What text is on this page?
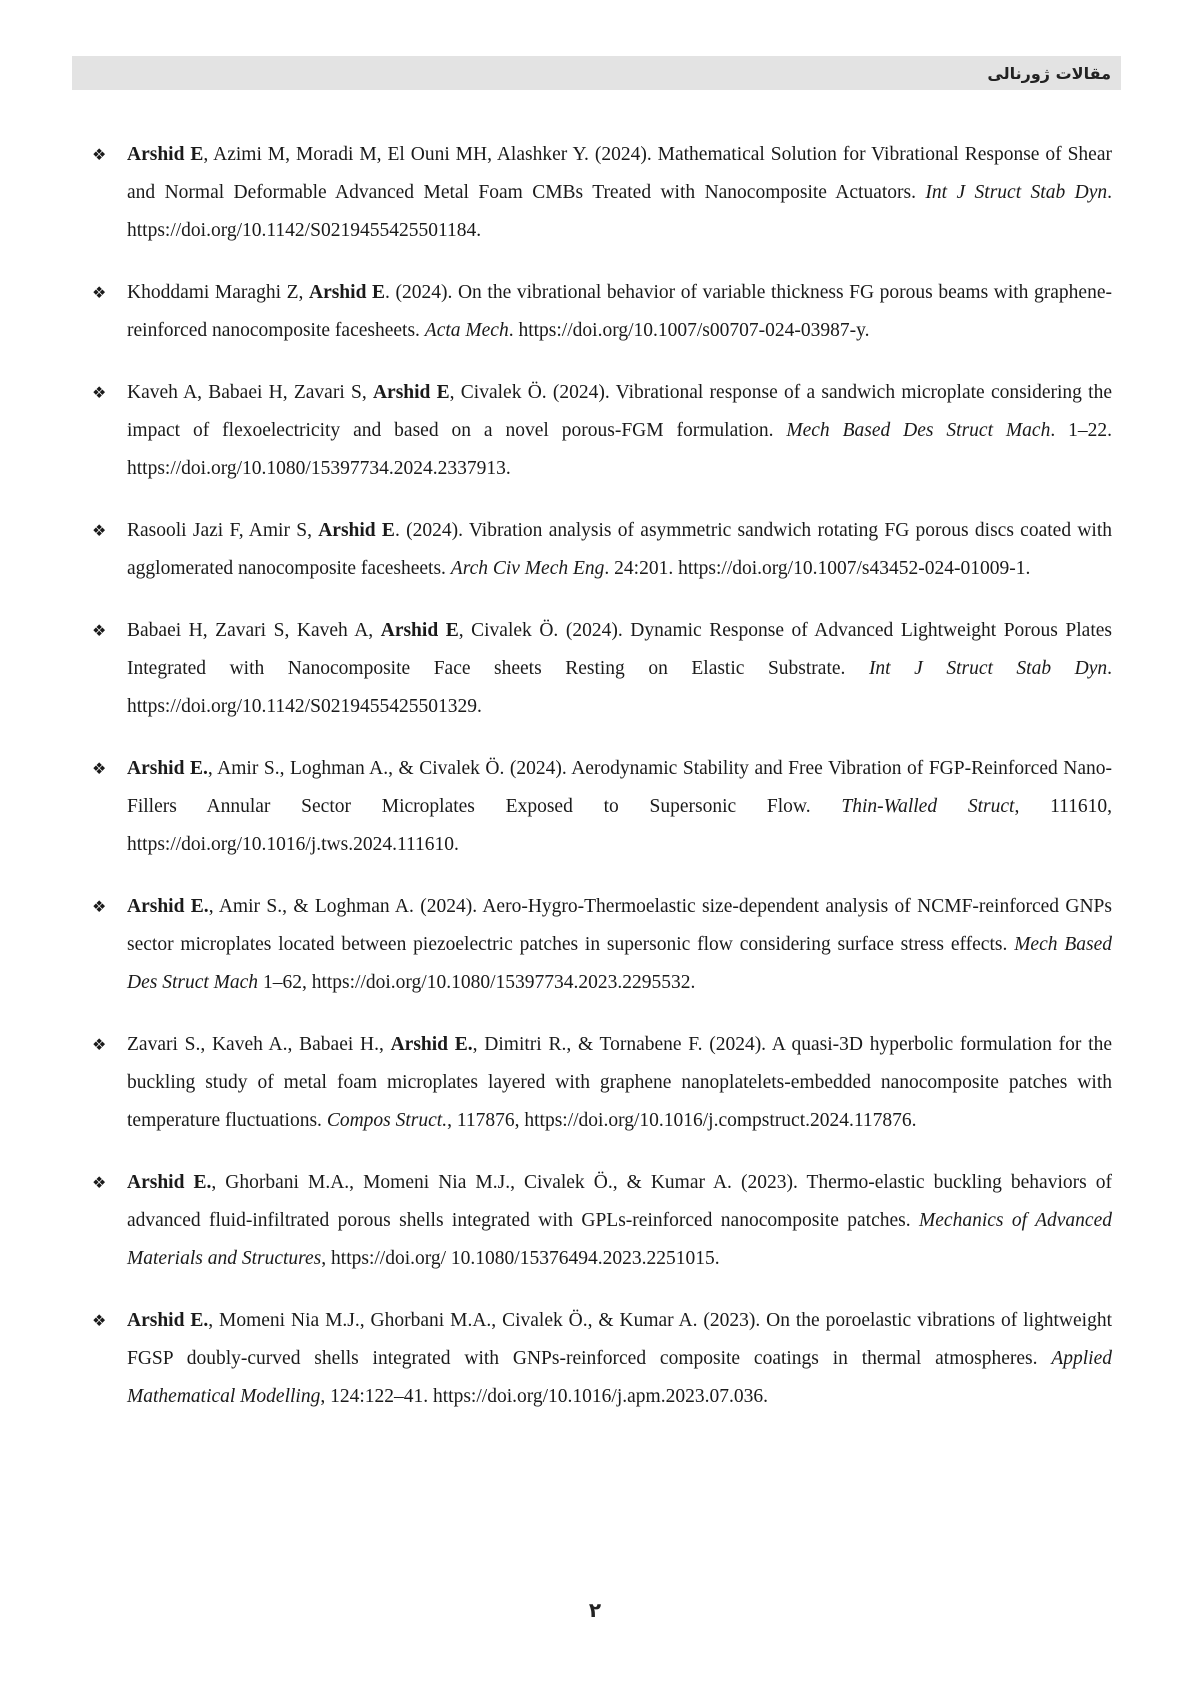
مقالات ژورنالی
❖ Arshid E, Azimi M, Moradi M, El Ouni MH, Alashker Y. (2024). Mathematical Solution for Vibrational Response of Shear and Normal Deformable Advanced Metal Foam CMBs Treated with Nanocomposite Actuators. Int J Struct Stab Dyn. https://doi.org/10.1142/S0219455425501184.
❖ Khoddami Maraghi Z, Arshid E. (2024). On the vibrational behavior of variable thickness FG porous beams with graphene-reinforced nanocomposite facesheets. Acta Mech. https://doi.org/10.1007/s00707-024-03987-y.
❖ Kaveh A, Babaei H, Zavari S, Arshid E, Civalek Ö. (2024). Vibrational response of a sandwich microplate considering the impact of flexoelectricity and based on a novel porous-FGM formulation. Mech Based Des Struct Mach. 1–22. https://doi.org/10.1080/15397734.2024.2337913.
❖ Rasooli Jazi F, Amir S, Arshid E. (2024). Vibration analysis of asymmetric sandwich rotating FG porous discs coated with agglomerated nanocomposite facesheets. Arch Civ Mech Eng. 24:201. https://doi.org/10.1007/s43452-024-01009-1.
❖ Babaei H, Zavari S, Kaveh A, Arshid E, Civalek Ö. (2024). Dynamic Response of Advanced Lightweight Porous Plates Integrated with Nanocomposite Face sheets Resting on Elastic Substrate. Int J Struct Stab Dyn. https://doi.org/10.1142/S0219455425501329.
❖ Arshid E., Amir S., Loghman A., & Civalek Ö. (2024). Aerodynamic Stability and Free Vibration of FGP-Reinforced Nano-Fillers Annular Sector Microplates Exposed to Supersonic Flow. Thin-Walled Struct, 111610, https://doi.org/10.1016/j.tws.2024.111610.
❖ Arshid E., Amir S., & Loghman A. (2024). Aero-Hygro-Thermoelastic size-dependent analysis of NCMF-reinforced GNPs sector microplates located between piezoelectric patches in supersonic flow considering surface stress effects. Mech Based Des Struct Mach 1–62, https://doi.org/10.1080/15397734.2023.2295532.
❖ Zavari S., Kaveh A., Babaei H., Arshid E., Dimitri R., & Tornabene F. (2024). A quasi-3D hyperbolic formulation for the buckling study of metal foam microplates layered with graphene nanoplatelets-embedded nanocomposite patches with temperature fluctuations. Compos Struct., 117876, https://doi.org/10.1016/j.compstruct.2024.117876.
❖ Arshid E., Ghorbani M.A., Momeni Nia M.J., Civalek Ö., & Kumar A. (2023). Thermo-elastic buckling behaviors of advanced fluid-infiltrated porous shells integrated with GPLs-reinforced nanocomposite patches. Mechanics of Advanced Materials and Structures, https://doi.org/ 10.1080/15376494.2023.2251015.
❖ Arshid E., Momeni Nia M.J., Ghorbani M.A., Civalek Ö., & Kumar A. (2023). On the poroelastic vibrations of lightweight FGSP doubly-curved shells integrated with GNPs-reinforced composite coatings in thermal atmospheres. Applied Mathematical Modelling, 124:122–41. https://doi.org/10.1016/j.apm.2023.07.036.
۲
